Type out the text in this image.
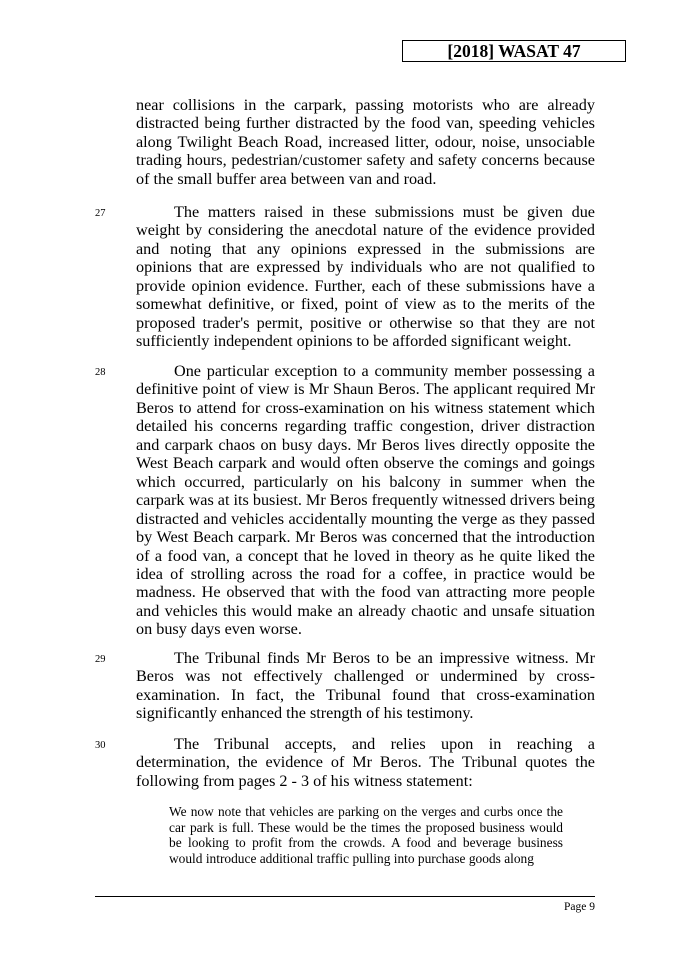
[2018] WASAT 47
near collisions in the carpark, passing motorists who are already distracted being further distracted by the food van, speeding vehicles along Twilight Beach Road, increased litter, odour, noise, unsociable trading hours, pedestrian/customer safety and safety concerns because of the small buffer area between van and road.
27	The matters raised in these submissions must be given due weight by considering the anecdotal nature of the evidence provided and noting that any opinions expressed in the submissions are opinions that are expressed by individuals who are not qualified to provide opinion evidence. Further, each of these submissions have a somewhat definitive, or fixed, point of view as to the merits of the proposed trader's permit, positive or otherwise so that they are not sufficiently independent opinions to be afforded significant weight.
28	One particular exception to a community member possessing a definitive point of view is Mr Shaun Beros. The applicant required Mr Beros to attend for cross-examination on his witness statement which detailed his concerns regarding traffic congestion, driver distraction and carpark chaos on busy days. Mr Beros lives directly opposite the West Beach carpark and would often observe the comings and goings which occurred, particularly on his balcony in summer when the carpark was at its busiest. Mr Beros frequently witnessed drivers being distracted and vehicles accidentally mounting the verge as they passed by West Beach carpark. Mr Beros was concerned that the introduction of a food van, a concept that he loved in theory as he quite liked the idea of strolling across the road for a coffee, in practice would be madness. He observed that with the food van attracting more people and vehicles this would make an already chaotic and unsafe situation on busy days even worse.
29	The Tribunal finds Mr Beros to be an impressive witness. Mr Beros was not effectively challenged or undermined by cross-examination. In fact, the Tribunal found that cross-examination significantly enhanced the strength of his testimony.
30	The Tribunal accepts, and relies upon in reaching a determination, the evidence of Mr Beros. The Tribunal quotes the following from pages 2 - 3 of his witness statement:
We now note that vehicles are parking on the verges and curbs once the car park is full. These would be the times the proposed business would be looking to profit from the crowds. A food and beverage business would introduce additional traffic pulling into purchase goods along
Page 9
